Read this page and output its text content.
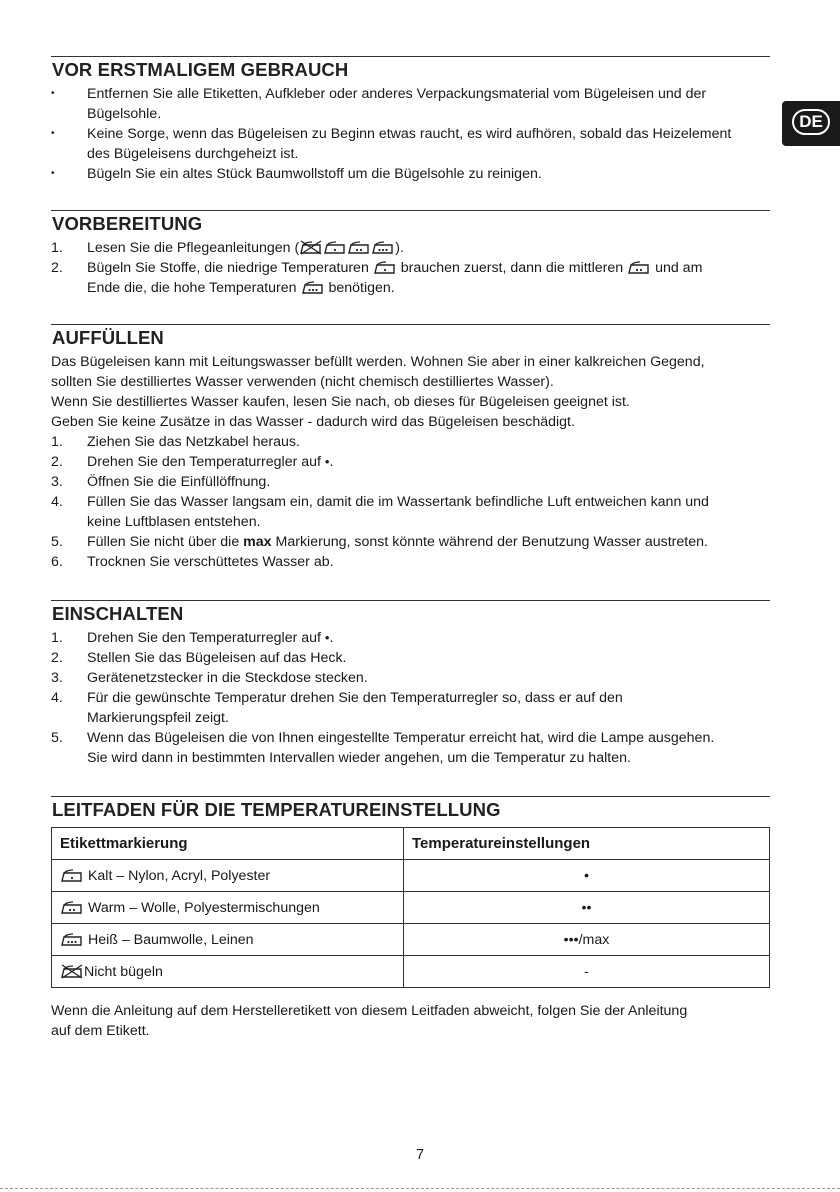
DE
VOR ERSTMALIGEM GEBRAUCH
• Entfernen Sie alle Etiketten, Aufkleber oder anderes Verpackungsmaterial vom Bügeleisen und der
Bügelsohle.
• Keine Sorge, wenn das Bügeleisen zu Beginn etwas raucht, es wird aufhören, sobald das Heizelement
des Bügeleisens durchgeheizt ist.
• Bügeln Sie ein altes Stück Baumwollstoff um die Bügelsohle zu reinigen.
VORBEREITUNG
1. Lesen Sie die Pflegeanleitungen (	).
2. Bügeln Sie Stoffe, die niedrige Temperaturen brauchen zuerst, dann die mittleren und am
Ende die, die hohe Temperaturen benötigen.
AUFFÜLLEN
Das Bügeleisen kann mit Leitungswasser befüllt werden. Wohnen Sie aber in einer kalkreichen Gegend,
sollten Sie destilliertes Wasser verwenden (nicht chemisch destilliertes Wasser).
Wenn Sie destilliertes Wasser kaufen, lesen Sie nach, ob dieses für Bügeleisen geeignet ist.
Geben Sie keine Zusätze in das Wasser - dadurch wird das Bügeleisen beschädigt.
1. Ziehen Sie das Netzkabel heraus.
2. Drehen Sie den Temperaturregler auf •.
3. Öffnen Sie die Einfüllöffnung.
4. Füllen Sie das Wasser langsam ein, damit die im Wassertank befindliche Luft entweichen kann und
keine Luftblasen entstehen.
5. Füllen Sie nicht über die max Markierung, sonst könnte während der Benutzung Wasser austreten.
6. Trocknen Sie verschüttetes Wasser ab.
EINSCHALTEN
1. Drehen Sie den Temperaturregler auf •.
2. Stellen Sie das Bügeleisen auf das Heck.
3. Gerätenetzstecker in die Steckdose stecken.
4. Für die gewünschte Temperatur drehen Sie den Temperaturregler so, dass er auf den
Markierungspfeil zeigt.
5. Wenn das Bügeleisen die von Ihnen eingestellte Temperatur erreicht hat, wird die Lampe ausgehen.
Sie wird dann in bestimmten Intervallen wieder angehen, um die Temperatur zu halten.
LEITFADEN FÜR DIE TEMPERATUREINSTELLUNG
Etikettmarkierung	Temperatureinstellungen
Kalt – Nylon, Acryl, Polyester	•
Warm – Wolle, Polyestermischungen	••
Heiß – Baumwolle, Leinen	•••/max
Nicht bügeln	-
Wenn die Anleitung auf dem Herstelleretikett von diesem Leitfaden abweicht, folgen Sie der Anleitung
auf dem Etikett.
7
